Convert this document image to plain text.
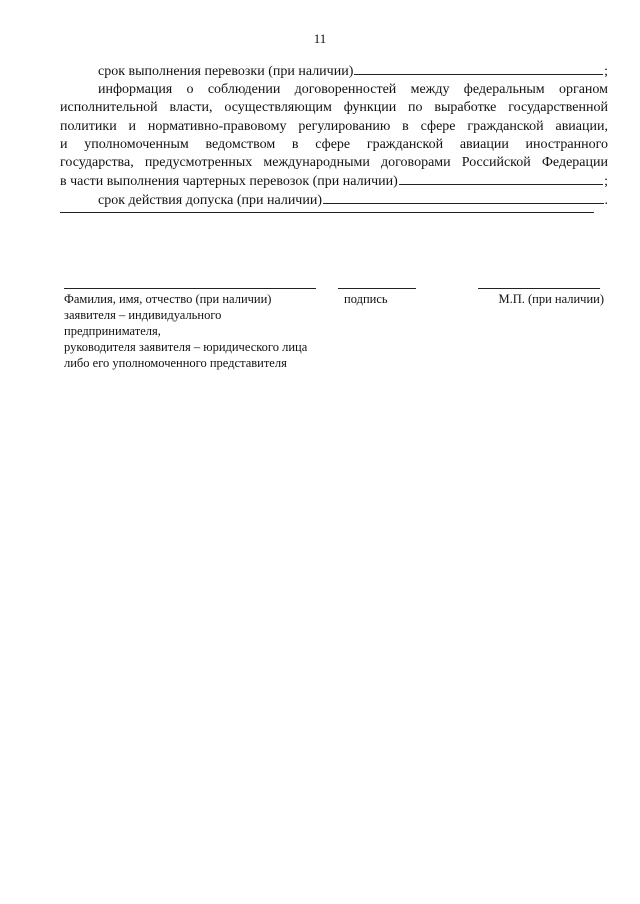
11
срок выполнения перевозки (при наличии)	;
информация о соблюдении договоренностей между федеральным органом
исполнительной власти, осуществляющим функции по выработке государственной
политики и нормативно-правовому регулированию в сфере гражданской авиации,
и уполномоченным ведомством в сфере гражданской авиации иностранного
государства, предусмотренных международными договорами Российской Федерации
в части выполнения чартерных перевозок (при наличии)	;
срок действия допуска (при наличии)	.
Фамилия, имя, отчество (при наличии)
заявителя – индивидуального
предпринимателя,
руководителя заявителя – юридического лица
либо его уполномоченного представителя
подпись	М.П. (при наличии)
